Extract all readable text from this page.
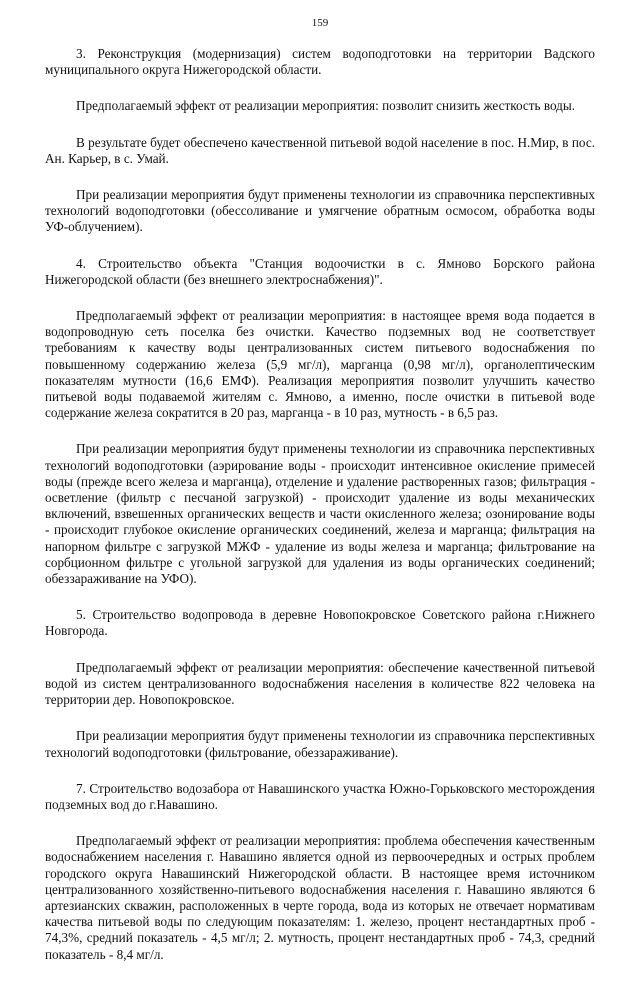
159

3. Реконструкция (модернизация) систем водоподготовки на территории Вадского муниципального округа Нижегородской области.

Предполагаемый эффект от реализации мероприятия: позволит снизить жесткость воды.

В результате будет обеспечено качественной питьевой водой население в пос. Н.Мир, в пос. Ан. Карьер, в с. Умай.

При реализации мероприятия будут применены технологии из справочника перспективных технологий водоподготовки (обессоливание и умягчение обратным осмосом, обработка воды УФ-облучением).

4. Строительство объекта "Станция водоочистки в с. Ямново Борского района Нижегородской области (без внешнего электроснабжения)".

Предполагаемый эффект от реализации мероприятия: в настоящее время вода подается в водопроводную сеть поселка без очистки. Качество подземных вод не соответствует требованиям к качеству воды централизованных систем питьевого водоснабжения по повышенному содержанию железа (5,9 мг/л), марганца (0,98 мг/л), органолептическим показателям мутности (16,6 ЕМФ). Реализация мероприятия позволит улучшить качество питьевой воды подаваемой жителям с. Ямново, а именно, после очистки в питьевой воде содержание железа сократится в 20 раз, марганца - в 10 раз, мутность - в 6,5 раз.

При реализации мероприятия будут применены технологии из справочника перспективных технологий водоподготовки (аэрирование воды - происходит интенсивное окисление примесей воды (прежде всего железа и марганца), отделение и удаление растворенных газов; фильтрация - осветление (фильтр с песчаной загрузкой) - происходит удаление из воды механических включений, взвешенных органических веществ и части окисленного железа; озонирование воды - происходит глубокое окисление органических соединений, железа и марганца; фильтрация на напорном фильтре с загрузкой МЖФ - удаление из воды железа и марганца; фильтрование на сорбционном фильтре с угольной загрузкой для удаления из воды органических соединений; обеззараживание на УФО).

5. Строительство водопровода в деревне Новопокровское Советского района г.Нижнего Новгорода.

Предполагаемый эффект от реализации мероприятия: обеспечение качественной питьевой водой из систем централизованного водоснабжения населения в количестве 822 человека на территории дер. Новопокровское.

При реализации мероприятия будут применены технологии из справочника перспективных технологий водоподготовки (фильтрование, обеззараживание).

7. Строительство водозабора от Навашинского участка Южно-Горьковского месторождения подземных вод до г.Навашино.

Предполагаемый эффект от реализации мероприятия: проблема обеспечения качественным водоснабжением населения г. Навашино является одной из первоочередных и острых проблем городского округа Навашинский Нижегородской области. В настоящее время источником централизованного хозяйственно-питьевого водоснабжения населения г. Навашино являются 6 артезианских скважин, расположенных в черте города, вода из которых не отвечает нормативам качества питьевой воды по следующим показателям: 1. железо, процент нестандартных проб - 74,3%, средний показатель - 4,5 мг/л; 2. мутность, процент нестандартных проб - 74,3, средний показатель - 8,4 мг/л.
